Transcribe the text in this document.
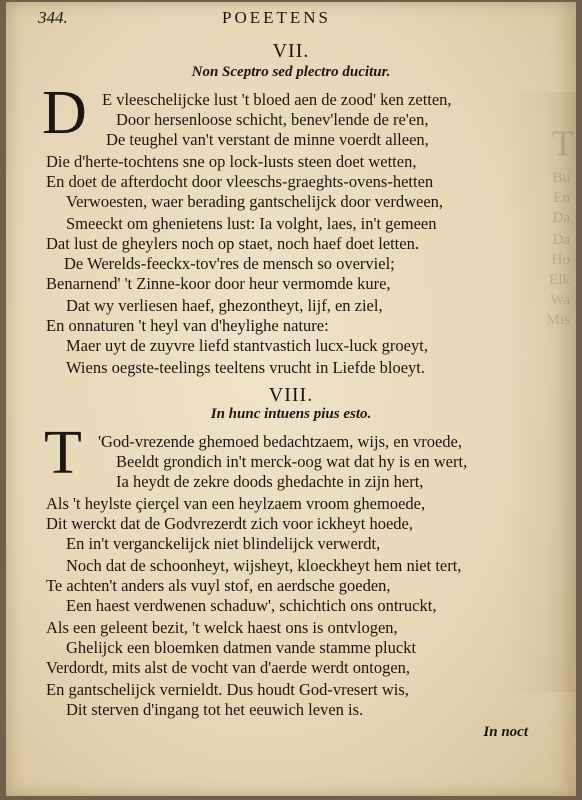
T
Bu
En
Da
Da
Ho
Elk
Wa
Mis
344.	POEETENS
VII.
Non Sceptro sed plectro ducitur.
D E vleeschelijcke lust 't bloed aen de zood' ken zetten,
Door hersenloose schicht, benev'lende de re'en,
De teughel van't verstant de minne voerdt alleen,
Die d'herte-tochtens sne op lock-lusts steen doet wetten,
En doet de afterdocht door vleeschs-graeghts-ovens-hetten
Verwoesten, waer berading gantschelijck door verdween,
Smeeckt om ghenietens lust: Ia volght, laes, in't gemeen
Dat lust de gheylers noch op staet, noch haef doet letten.
De Werelds-feeckx-tov'res de mensch so overviel;
Benarnend' 't Zinne-koor door heur vermomde kure,
Dat wy verliesen haef, ghezontheyt, lijf, en ziel,
En onnaturen 't heyl van d'heylighe nature:
Maer uyt de zuyvre liefd stantvastich lucx-luck groeyt,
Wiens oegste-teelings teeltens vrucht in Liefde bloeyt.
VIII.
In hunc intuens pius esto.
T 'God-vrezende ghemoed bedachtzaem, wijs, en vroede,
Beeldt grondich in't merck-oog wat dat hy is en wert,
Ia heydt de zekre doods ghedachte in zijn hert,
Als 't heylste çierçel van een heylzaem vroom ghemoede,
Dit werckt dat de Godvrezerdt zich voor ickheyt hoede,
En in't verganckelijck niet blindelijck verwerdt,
Noch dat de schoonheyt, wijsheyt, kloeckheyt hem niet tert,
Te achten't anders als vuyl stof, en aerdsche goeden,
Een haest verdwenen schaduw', schichtich ons ontruckt,
Als een geleent bezit, 't welck haest ons is ontvlogen,
Ghelijck een bloemken datmen vande stamme pluckt
Verdordt, mits alst de vocht van d'aerde werdt ontogen,
En gantschelijck vernieldt. Dus houdt God-vresert wis,
Dit sterven d'ingang tot het eeuwich leven is.
In noct
